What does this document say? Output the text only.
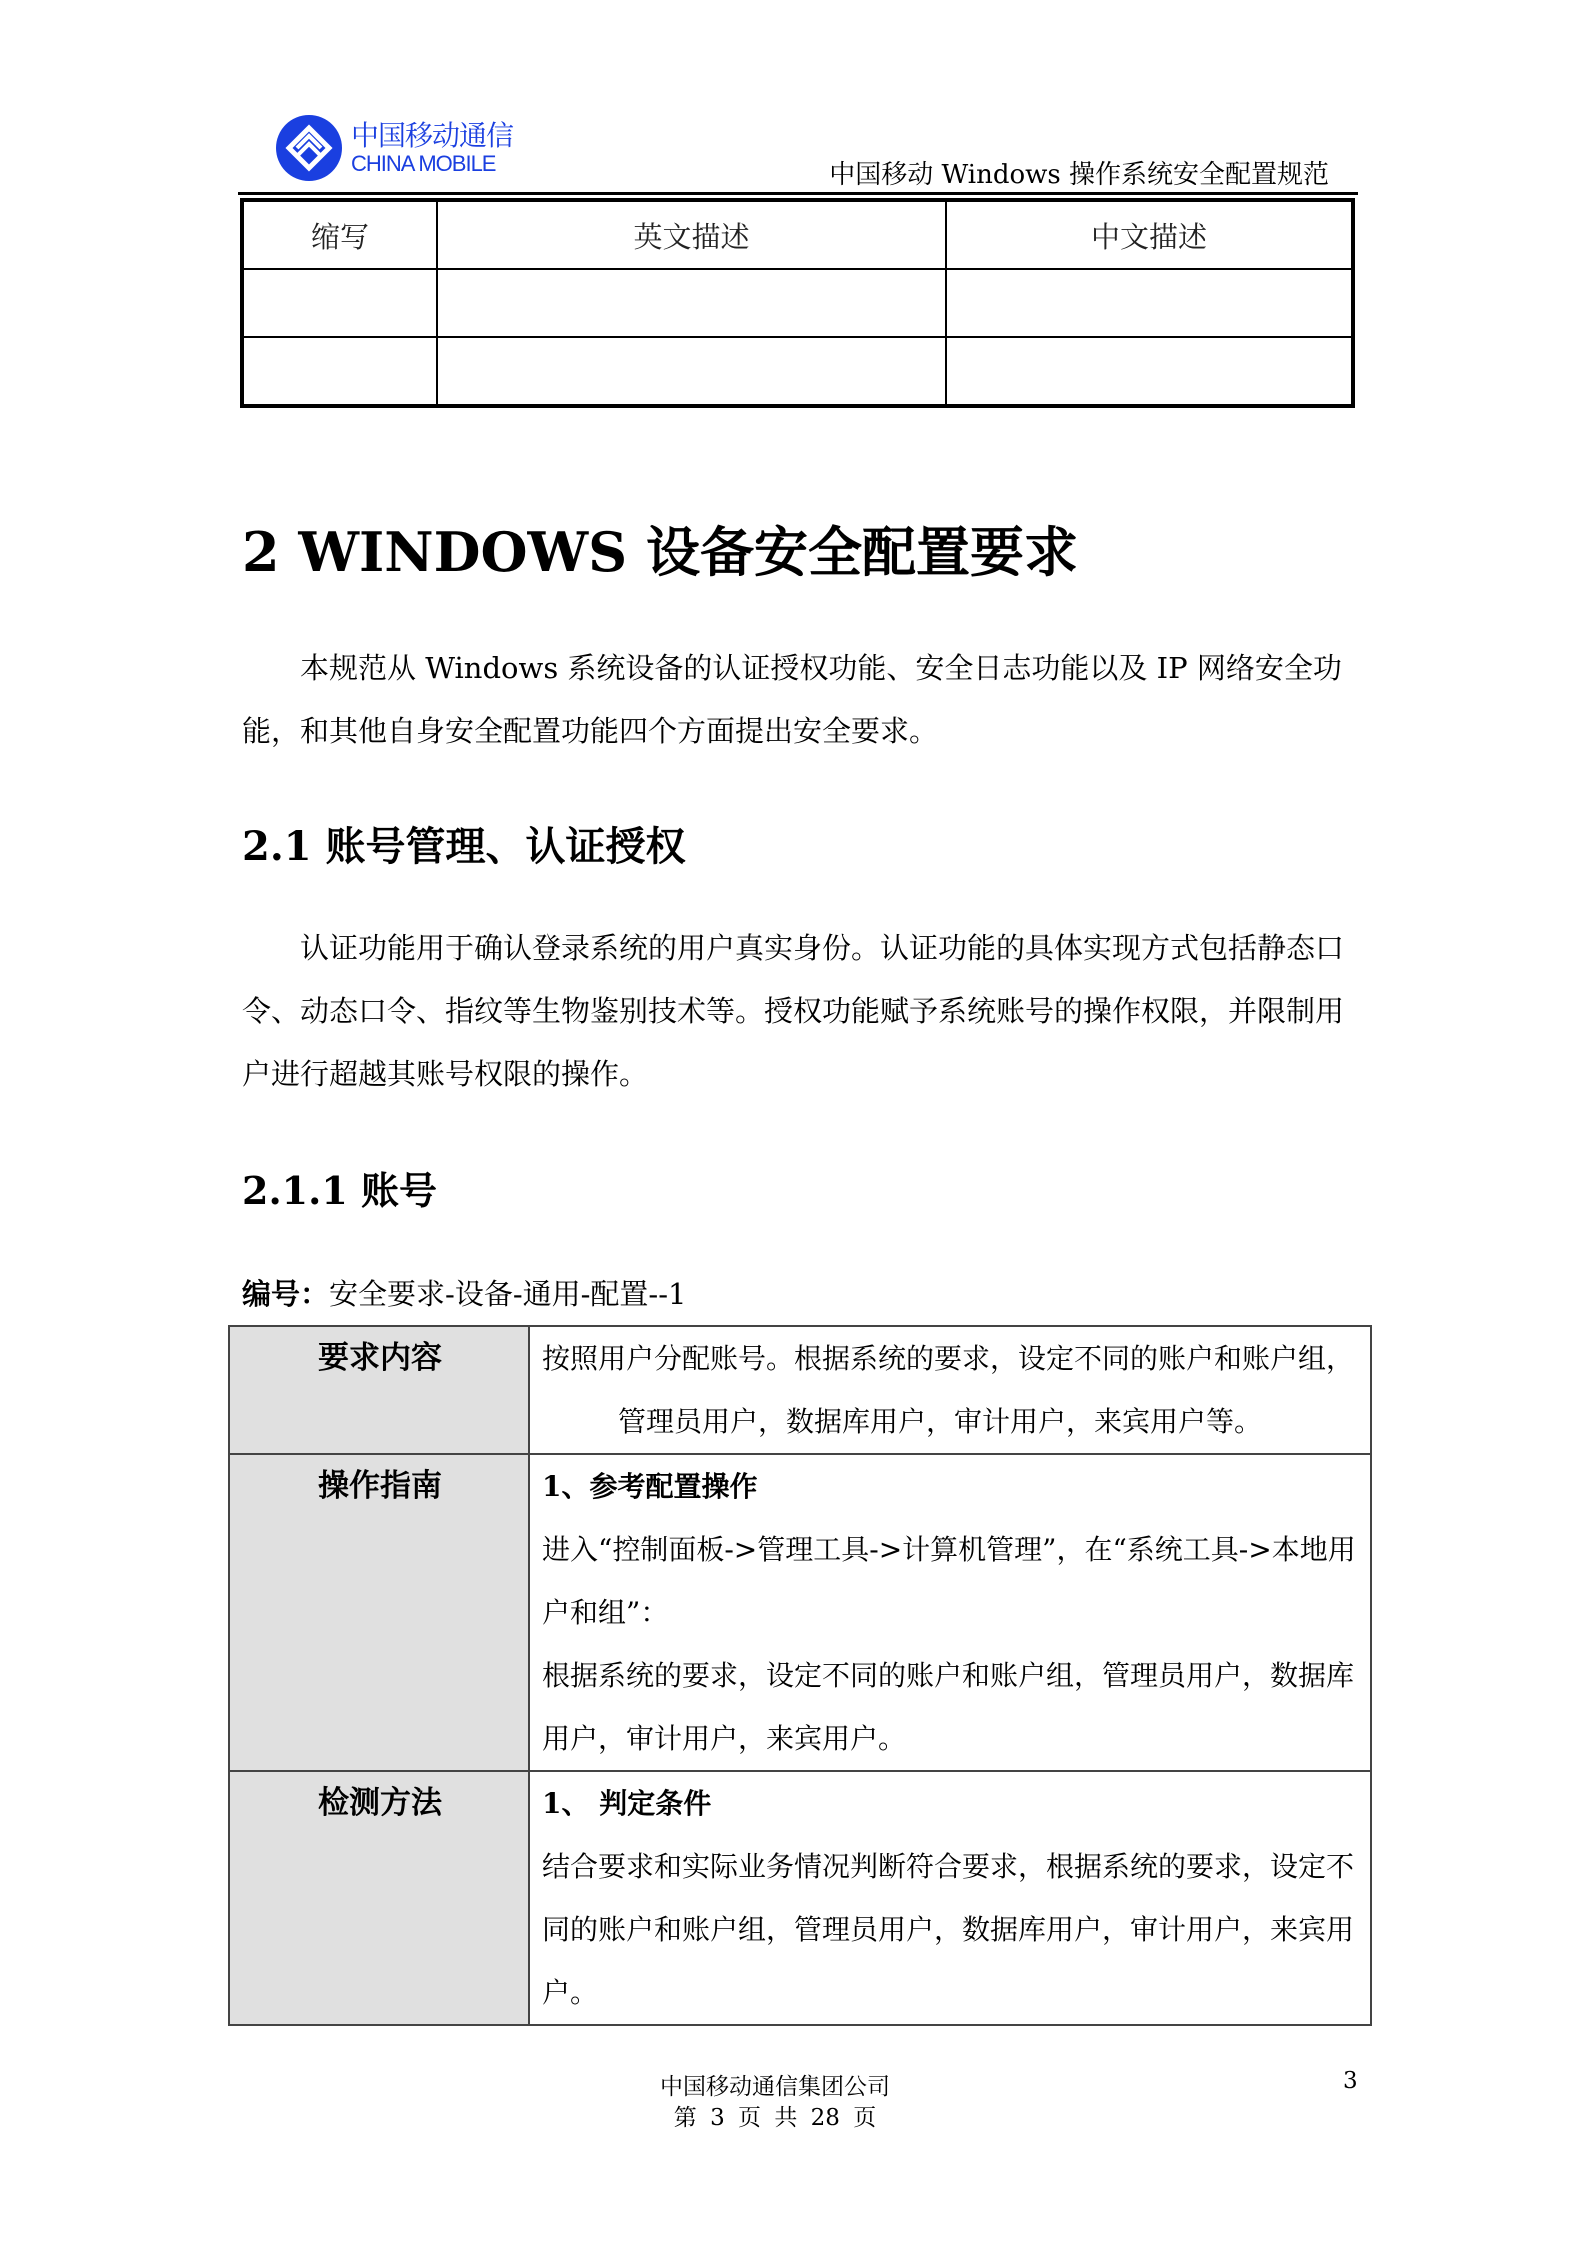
中国移动通信
CHINA MOBILE	中国移动 Windows 操作系统安全配置规范
缩写	英文描述	中文描述

2 WINDOWS 设备安全配置要求
本规范从 Windows 系统设备的认证授权功能、安全日志功能以及 IP 网络安全功能，和其他自身安全配置功能四个方面提出安全要求。
2.1 账号管理、认证授权
认证功能用于确认登录系统的用户真实身份。认证功能的具体实现方式包括静态口令、动态口令、指纹等生物鉴别技术等。授权功能赋予系统账号的操作权限，并限制用户进行超越其账号权限的操作。
2.1.1 账号
编号：安全要求-设备-通用-配置--1
要求内容	按照用户分配账号。根据系统的要求，设定不同的账户和账户组，
管理员用户，数据库用户，审计用户，来宾用户等。

操作指南	1、参考配置操作
进入“控制面板->管理工具->计算机管理”，在“系统工具->本地用户和组”：
根据系统的要求，设定不同的账户和账户组，管理员用户，数据库用户，审计用户，来宾用户。

检测方法	1、 判定条件
结合要求和实际业务情况判断符合要求，根据系统的要求，设定不同的账户和账户组，管理员用户，数据库用户，审计用户，来宾用户。
中国移动通信集团公司
第 3 页 共 28 页
3
